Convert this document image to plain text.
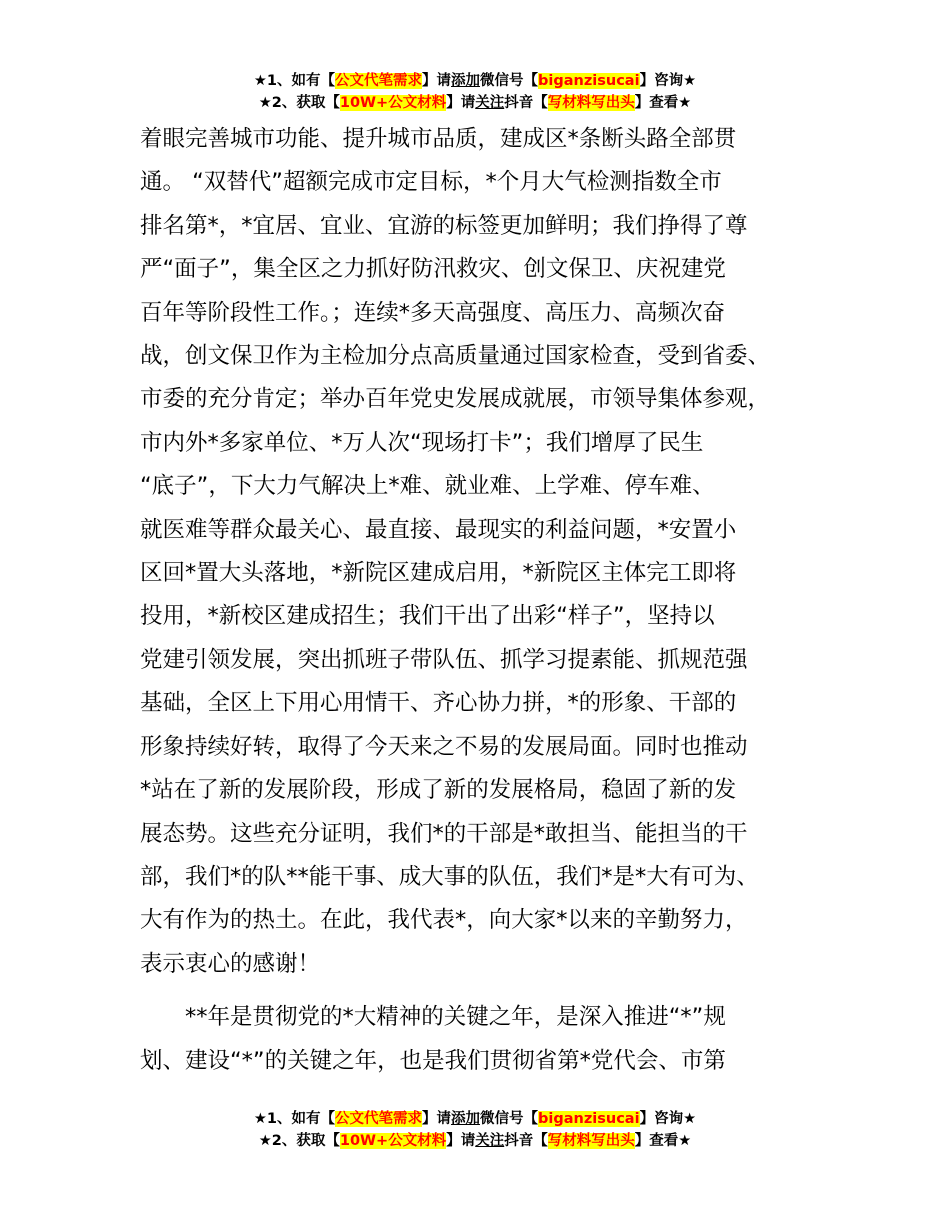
★1、如有【公文代笔需求】请添加微信号【biganzisucai】咨询★
★2、获取【10W+公文材料】请关注抖音【写材料写出头】查看★

着眼完善城市功能、提升城市品质，建成区*条断头路全部贯
通。 “双替代”超额完成市定目标，*个月大气检测指数全市
排名第*，*宜居、宜业、宜游的标签更加鲜明；我们挣得了尊
严“面子”，集全区之力抓好防汛救灾、创文保卫、庆祝建党
百年等阶段性工作。；连续*多天高强度、高压力、高频次奋
战，创文保卫作为主检加分点高质量通过国家检查，受到省委、
市委的充分肯定；举办百年党史发展成就展，市领导集体参观，
市内外*多家单位、*万人次“现场打卡”；我们增厚了民生
“底子”，下大力气解决上*难、就业难、上学难、停车难、
就医难等群众最关心、最直接、最现实的利益问题，*安置小
区回*置大头落地，*新院区建成启用，*新院区主体完工即将
投用，*新校区建成招生；我们干出了出彩“样子”，坚持以
党建引领发展，突出抓班子带队伍、抓学习提素能、抓规范强
基础，全区上下用心用情干、齐心协力拼，*的形象、干部的
形象持续好转，取得了今天来之不易的发展局面。同时也推动
*站在了新的发展阶段，形成了新的发展格局，稳固了新的发
展态势。这些充分证明，我们*的干部是*敢担当、能担当的干
部，我们*的队**能干事、成大事的队伍，我们*是*大有可为、
大有作为的热土。在此，我代表*，向大家*以来的辛勤努力，
表示衷心的感谢！

**年是贯彻党的*大精神的关键之年，是深入推进“*”规
划、建设“*”的关键之年，也是我们贯彻省第*党代会、市第

★1、如有【公文代笔需求】请添加微信号【biganzisucai】咨询★
★2、获取【10W+公文材料】请关注抖音【写材料写出头】查看★
